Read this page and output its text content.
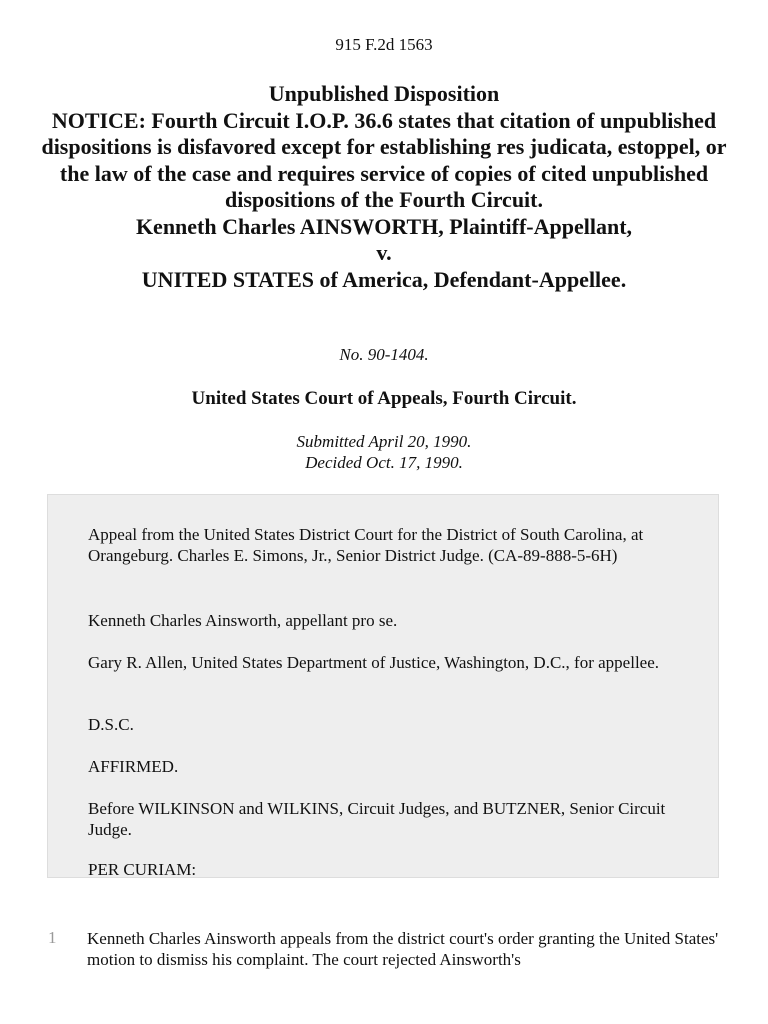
915 F.2d 1563
Unpublished Disposition
NOTICE: Fourth Circuit I.O.P. 36.6 states that citation of unpublished dispositions is disfavored except for establishing res judicata, estoppel, or the law of the case and requires service of copies of cited unpublished dispositions of the Fourth Circuit.
Kenneth Charles AINSWORTH, Plaintiff-Appellant,
v.
UNITED STATES of America, Defendant-Appellee.
No. 90-1404.
United States Court of Appeals, Fourth Circuit.
Submitted April 20, 1990.
Decided Oct. 17, 1990.
Appeal from the United States District Court for the District of South Carolina, at Orangeburg. Charles E. Simons, Jr., Senior District Judge. (CA-89-888-5-6H)
Kenneth Charles Ainsworth, appellant pro se.
Gary R. Allen, United States Department of Justice, Washington, D.C., for appellee.
D.S.C.
AFFIRMED.
Before WILKINSON and WILKINS, Circuit Judges, and BUTZNER, Senior Circuit Judge.
PER CURIAM:
1 Kenneth Charles Ainsworth appeals from the district court's order granting the United States' motion to dismiss his complaint. The court rejected Ainsworth's
